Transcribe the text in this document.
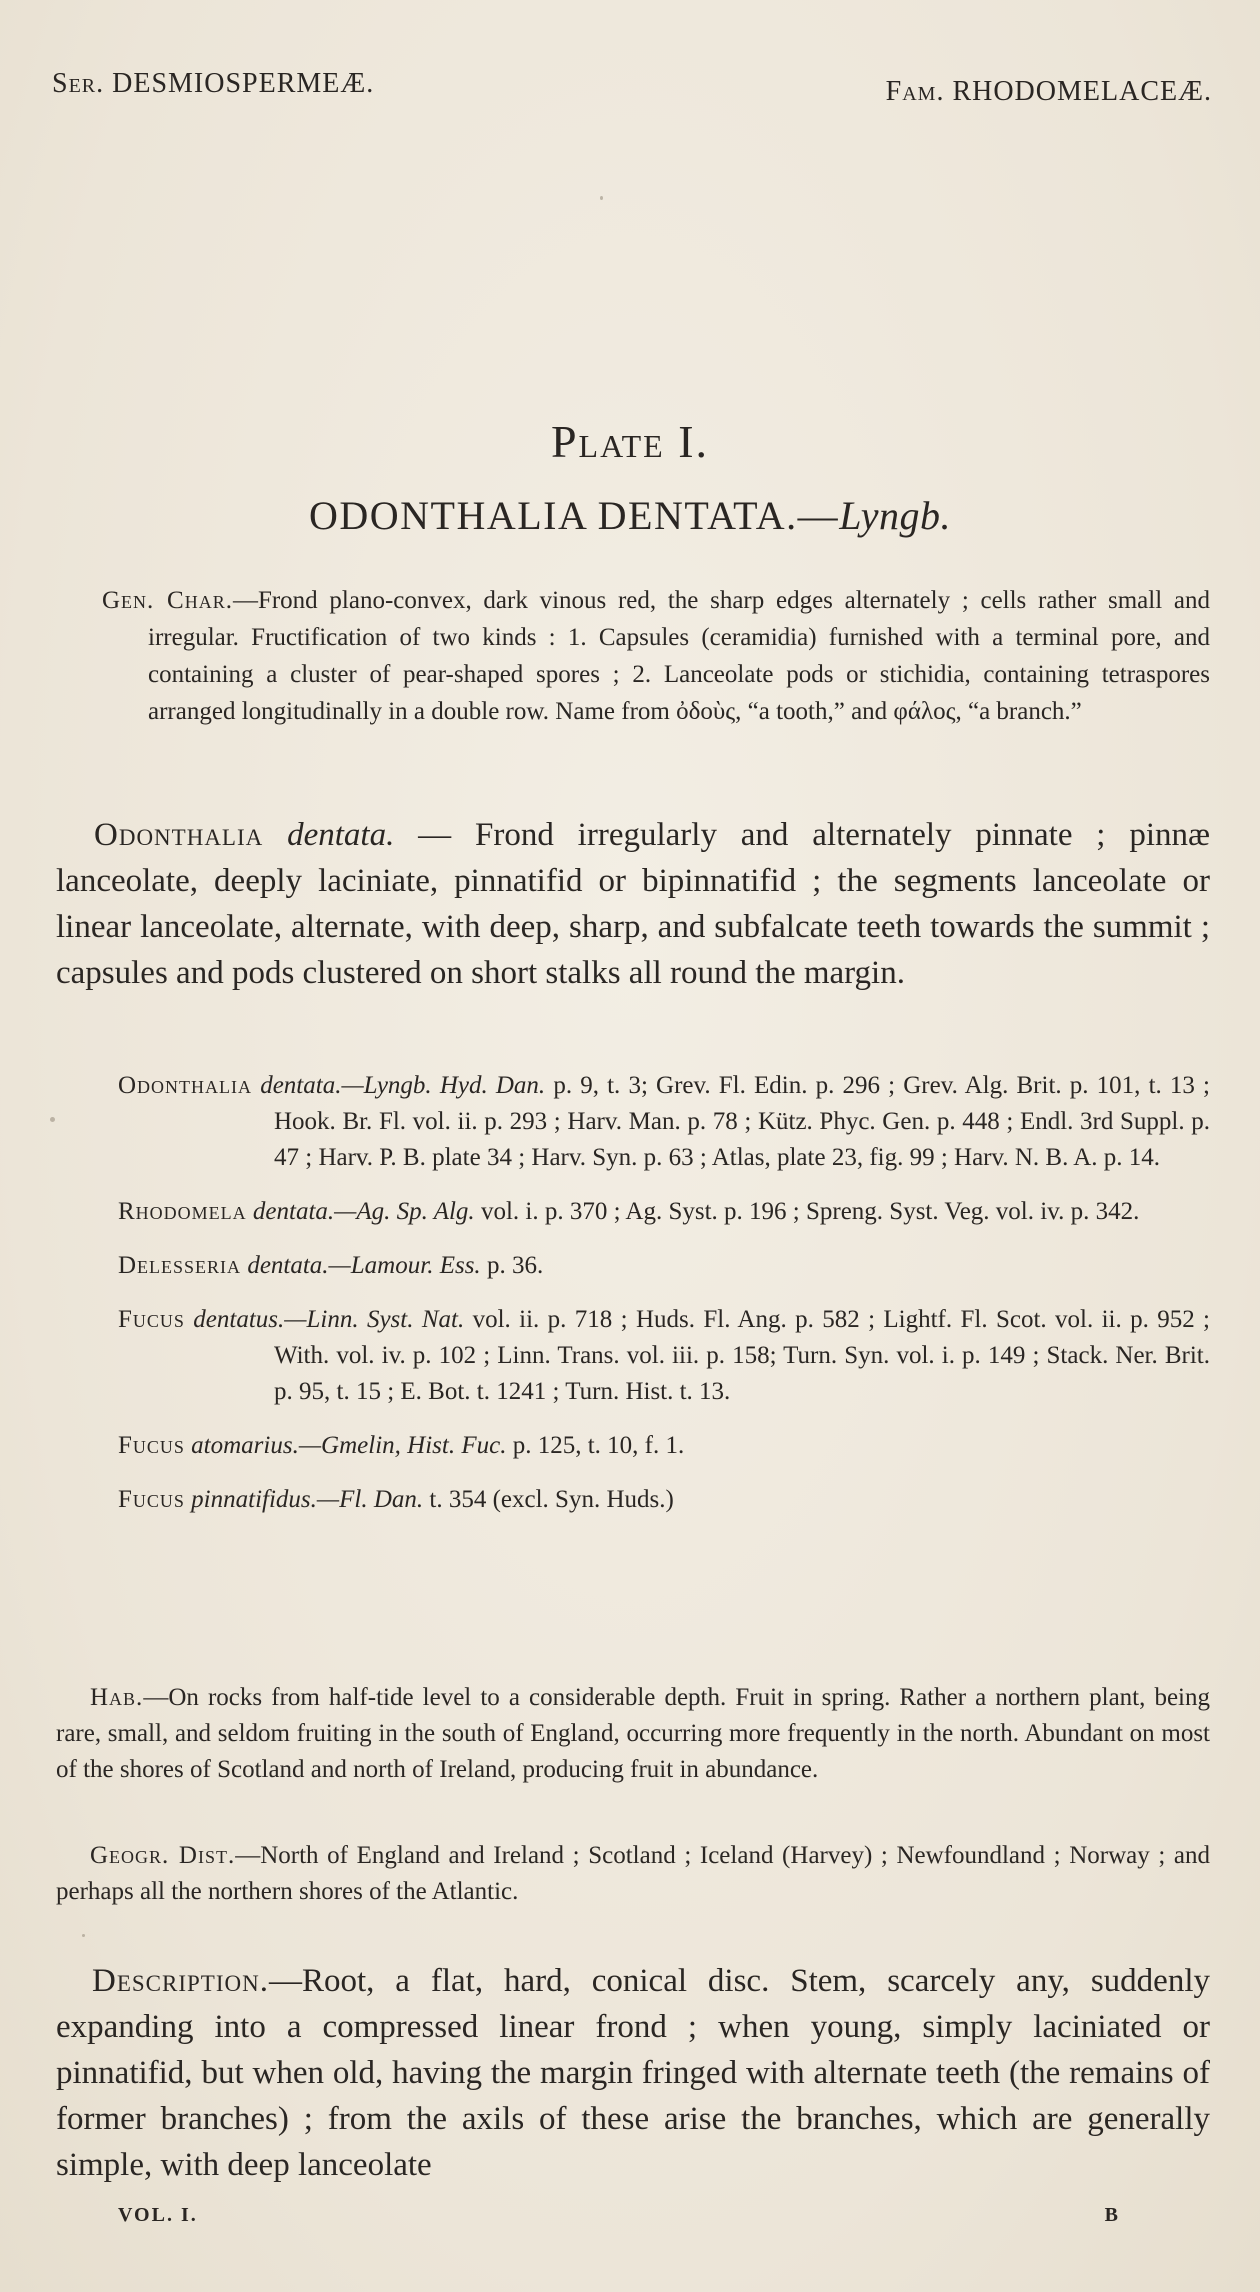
Ser. DESMIOSPERMEÆ.	Fam. RHODOMELACEÆ.
Plate I.
ODONTHALIA DENTATA.—Lyngb.
Gen. Char.—Frond plano-convex, dark vinous red, the sharp edges alternately ; cells rather small and irregular. Fructification of two kinds : 1. Capsules (ceramidia) furnished with a terminal pore, and containing a cluster of pear-shaped spores ; 2. Lanceolate pods or stichidia, containing tetraspores arranged longitudinally in a double row. Name from ὀδοὺς, “a tooth,” and φάλος, “a branch.”
Odonthalia dentata. — Frond irregularly and alternately pinnate ; pinnæ lanceolate, deeply laciniate, pinnatifid or bipinnatifid ; the segments lanceolate or linear lanceolate, alternate, with deep, sharp, and subfalcate teeth towards the summit ; capsules and pods clustered on short stalks all round the margin.
Odonthalia dentata.—Lyngb. Hyd. Dan. p. 9, t. 3; Grev. Fl. Edin. p. 296 ; Grev. Alg. Brit. p. 101, t. 13 ; Hook. Br. Fl. vol. ii. p. 293 ; Harv. Man. p. 78 ; Kütz. Phyc. Gen. p. 448 ; Endl. 3rd Suppl. p. 47 ; Harv. P. B. plate 34 ; Harv. Syn. p. 63 ; Atlas, plate 23, fig. 99 ; Harv. N. B. A. p. 14.
Rhodomela dentata.—Ag. Sp. Alg. vol. i. p. 370 ; Ag. Syst. p. 196 ; Spreng. Syst. Veg. vol. iv. p. 342.
Delesseria dentata.—Lamour. Ess. p. 36.
Fucus dentatus.—Linn. Syst. Nat. vol. ii. p. 718 ; Huds. Fl. Ang. p. 582 ; Lightf. Fl. Scot. vol. ii. p. 952 ; With. vol. iv. p. 102 ; Linn. Trans. vol. iii. p. 158; Turn. Syn. vol. i. p. 149 ; Stack. Ner. Brit. p. 95, t. 15 ; E. Bot. t. 1241 ; Turn. Hist. t. 13.
Fucus atomarius.—Gmelin, Hist. Fuc. p. 125, t. 10, f. 1.
Fucus pinnatifidus.—Fl. Dan. t. 354 (excl. Syn. Huds.)
Hab.—On rocks from half-tide level to a considerable depth. Fruit in spring. Rather a northern plant, being rare, small, and seldom fruiting in the south of England, occurring more frequently in the north. Abundant on most of the shores of Scotland and north of Ireland, producing fruit in abundance.
Geogr. Dist.—North of England and Ireland ; Scotland ; Iceland (Harvey) ; Newfoundland ; Norway ; and perhaps all the northern shores of the Atlantic.
Description.—Root, a flat, hard, conical disc. Stem, scarcely any, suddenly expanding into a compressed linear frond ; when young, simply laciniated or pinnatifid, but when old, having the margin fringed with alternate teeth (the remains of former branches) ; from the axils of these arise the branches, which are generally simple, with deep lanceolate
VOL. I.	B
